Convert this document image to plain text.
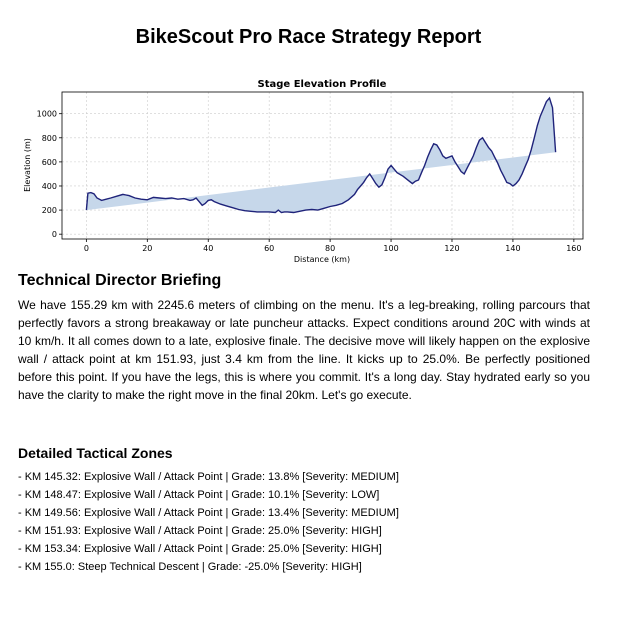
BikeScout Pro Race Strategy Report
Stage Elevation Profile
0	20	40	60	80	100	120	140	160
0
200
400
600
800
1000
Distance (km)
Elevation (m)
Technical Director Briefing

We have 155.29 km with 2245.6 meters of climbing on the menu. It's a leg-breaking, rolling parcours that perfectly favors a strong breakaway or late puncheur attacks. Expect conditions around 20C with winds at 10 km/h. It all comes down to a late, explosive finale. The decisive move will likely happen on the explosive wall / attack point at km 151.93, just 3.4 km from the line. It kicks up to 25.0%. Be perfectly positioned before this point. If you have the legs, this is where you commit. It's a long day. Stay hydrated early so you have the clarity to make the right move in the final 20km. Let's go execute.

Detailed Tactical Zones
- KM 145.32: Explosive Wall / Attack Point | Grade: 13.8% [Severity: MEDIUM]
- KM 148.47: Explosive Wall / Attack Point | Grade: 10.1% [Severity: LOW]
- KM 149.56: Explosive Wall / Attack Point | Grade: 13.4% [Severity: MEDIUM]
- KM 151.93: Explosive Wall / Attack Point | Grade: 25.0% [Severity: HIGH]
- KM 153.34: Explosive Wall / Attack Point | Grade: 25.0% [Severity: HIGH]
- KM 155.0: Steep Technical Descent | Grade: -25.0% [Severity: HIGH]
